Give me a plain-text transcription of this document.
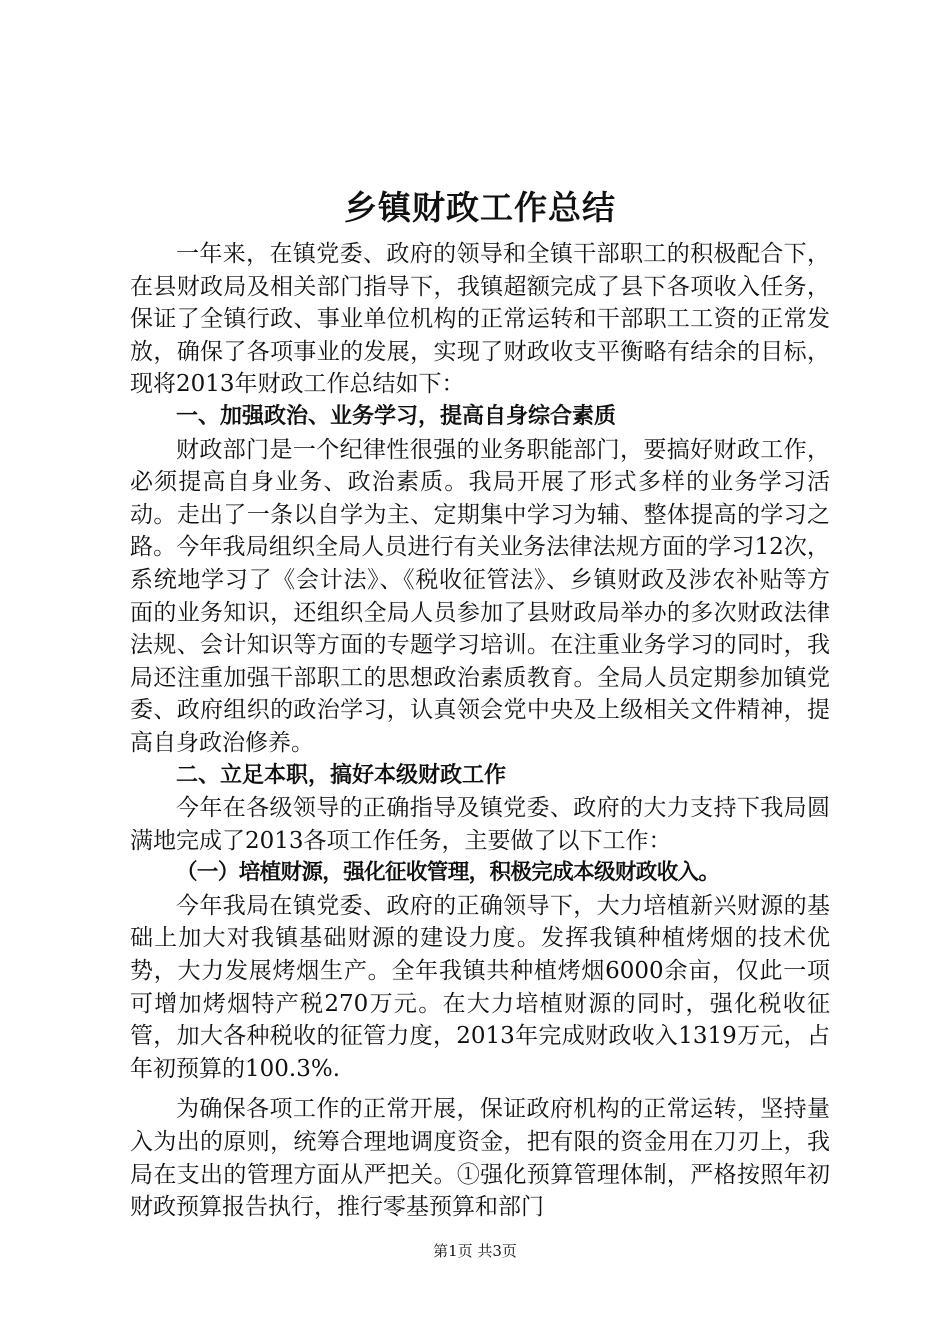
乡镇财政工作总结

一年来，在镇党委、政府的领导和全镇干部职工的积极配合下，在县财政局及相关部门指导下，我镇超额完成了县下各项收入任务，保证了全镇行政、事业单位机构的正常运转和干部职工工资的正常发放，确保了各项事业的发展，实现了财政收支平衡略有结余的目标，现将2013年财政工作总结如下：

一、加强政治、业务学习，提高自身综合素质

财政部门是一个纪律性很强的业务职能部门，要搞好财政工作，必须提高自身业务、政治素质。我局开展了形式多样的业务学习活动。走出了一条以自学为主、定期集中学习为辅、整体提高的学习之路。今年我局组织全局人员进行有关业务法律法规方面的学习12次，系统地学习了《会计法》、《税收征管法》、乡镇财政及涉农补贴等方面的业务知识，还组织全局人员参加了县财政局举办的多次财政法律法规、会计知识等方面的专题学习培训。在注重业务学习的同时，我局还注重加强干部职工的思想政治素质教育。全局人员定期参加镇党委、政府组织的政治学习，认真领会党中央及上级相关文件精神，提高自身政治修养。

二、立足本职，搞好本级财政工作

今年在各级领导的正确指导及镇党委、政府的大力支持下我局圆满地完成了2013各项工作任务，主要做了以下工作：

（一）培植财源，强化征收管理，积极完成本级财政收入。

今年我局在镇党委、政府的正确领导下，大力培植新兴财源的基础上加大对我镇基础财源的建设力度。发挥我镇种植烤烟的技术优势，大力发展烤烟生产。全年我镇共种植烤烟6000余亩，仅此一项可增加烤烟特产税270万元。在大力培植财源的同时，强化税收征管，加大各种税收的征管力度，2013年完成财政收入1319万元，占年初预算的100.3%.

为确保各项工作的正常开展，保证政府机构的正常运转，坚持量入为出的原则，统筹合理地调度资金，把有限的资金用在刀刃上，我局在支出的管理方面从严把关。①强化预算管理体制，严格按照年初财政预算报告执行，推行零基预算和部门

第1页 共3页
